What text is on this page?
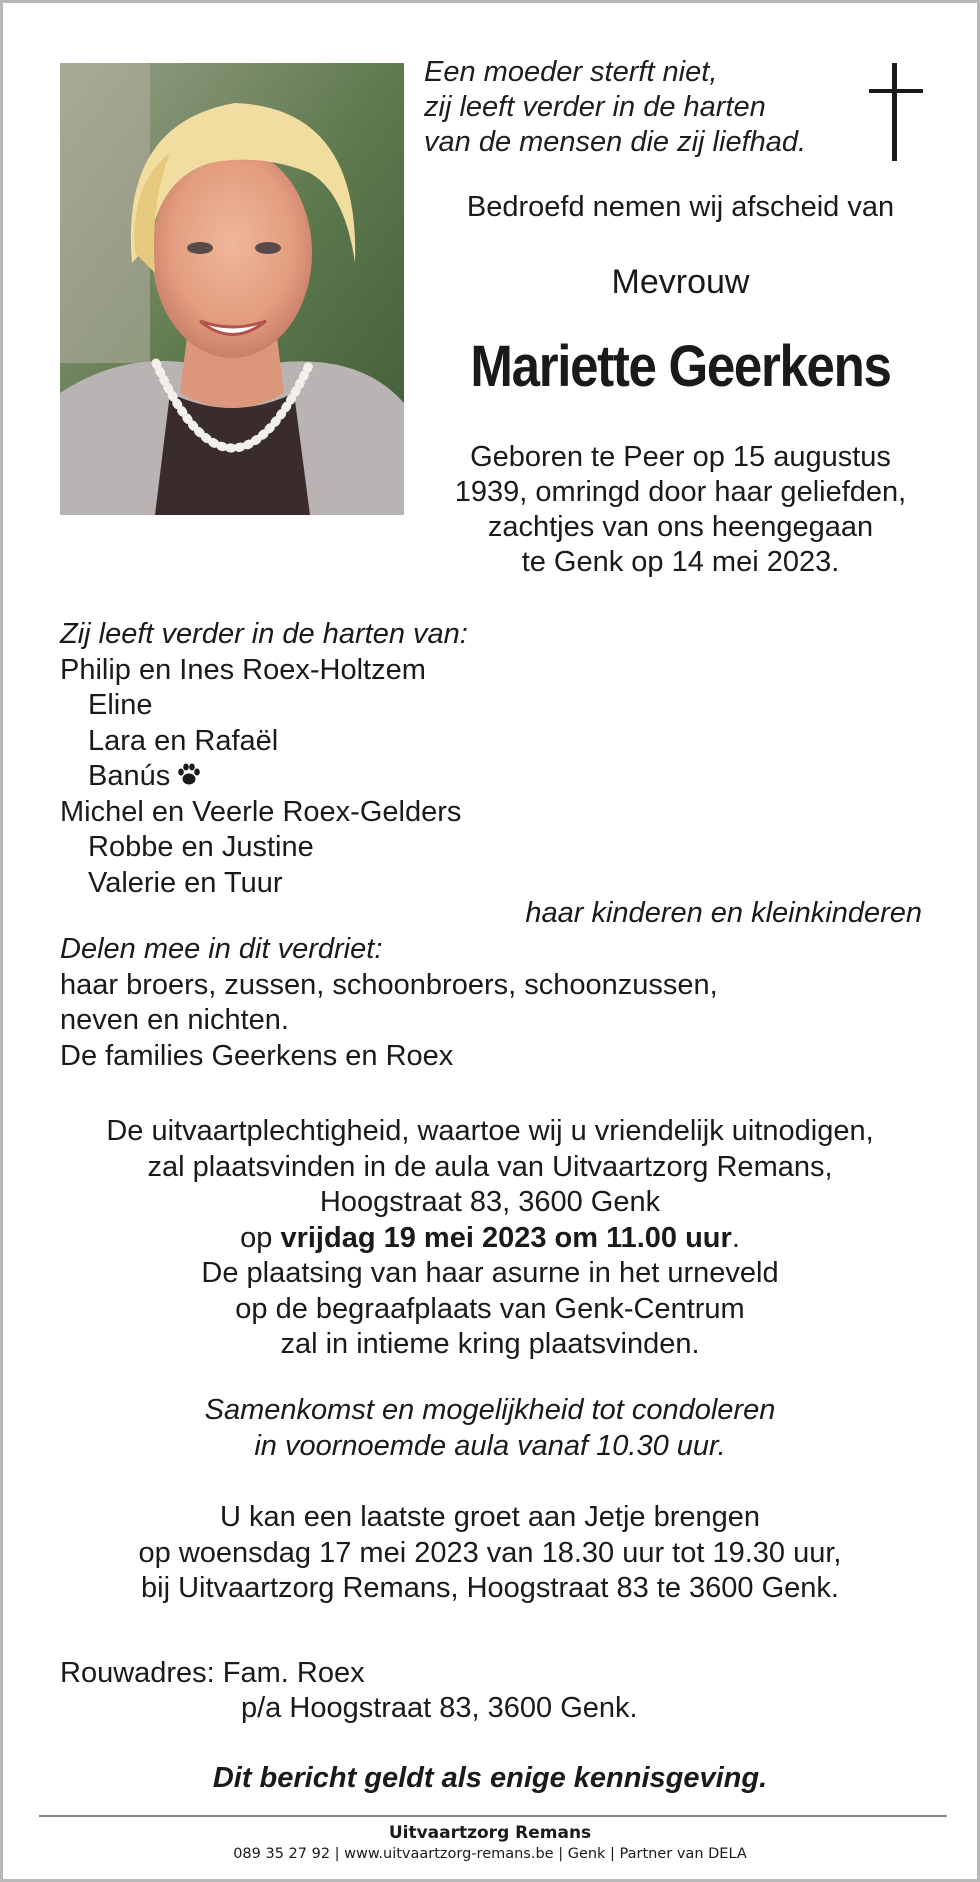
Een moeder sterft niet,
zij leeft verder in de harten
van de mensen die zij liefhad.
Bedroefd nemen wij afscheid van
Mevrouw
Mariette Geerkens
Geboren te Peer op 15 augustus
1939, omringd door haar geliefden,
zachtjes van ons heengegaan
te Genk op 14 mei 2023.
Zij leeft verder in de harten van:
Philip en Ines Roex-Holtzem
Eline
Lara en Rafaël
Banús
Michel en Veerle Roex-Gelders
Robbe en Justine
Valerie en Tuur
haar kinderen en kleinkinderen
Delen mee in dit verdriet:
haar broers, zussen, schoonbroers, schoonzussen,
neven en nichten.
De families Geerkens en Roex
De uitvaartplechtigheid, waartoe wij u vriendelijk uitnodigen,
zal plaatsvinden in de aula van Uitvaartzorg Remans,
Hoogstraat 83, 3600 Genk
op vrijdag 19 mei 2023 om 11.00 uur.
De plaatsing van haar asurne in het urneveld
op de begraafplaats van Genk-Centrum
zal in intieme kring plaatsvinden.
Samenkomst en mogelijkheid tot condoleren
in voornoemde aula vanaf 10.30 uur.
U kan een laatste groet aan Jetje brengen
op woensdag 17 mei 2023 van 18.30 uur tot 19.30 uur,
bij Uitvaartzorg Remans, Hoogstraat 83 te 3600 Genk.
Rouwadres: Fam. Roex
p/a Hoogstraat 83, 3600 Genk.
Dit bericht geldt als enige kennisgeving.
Uitvaartzorg Remans
089 35 27 92 | www.uitvaartzorg-remans.be | Genk | Partner van DELA
